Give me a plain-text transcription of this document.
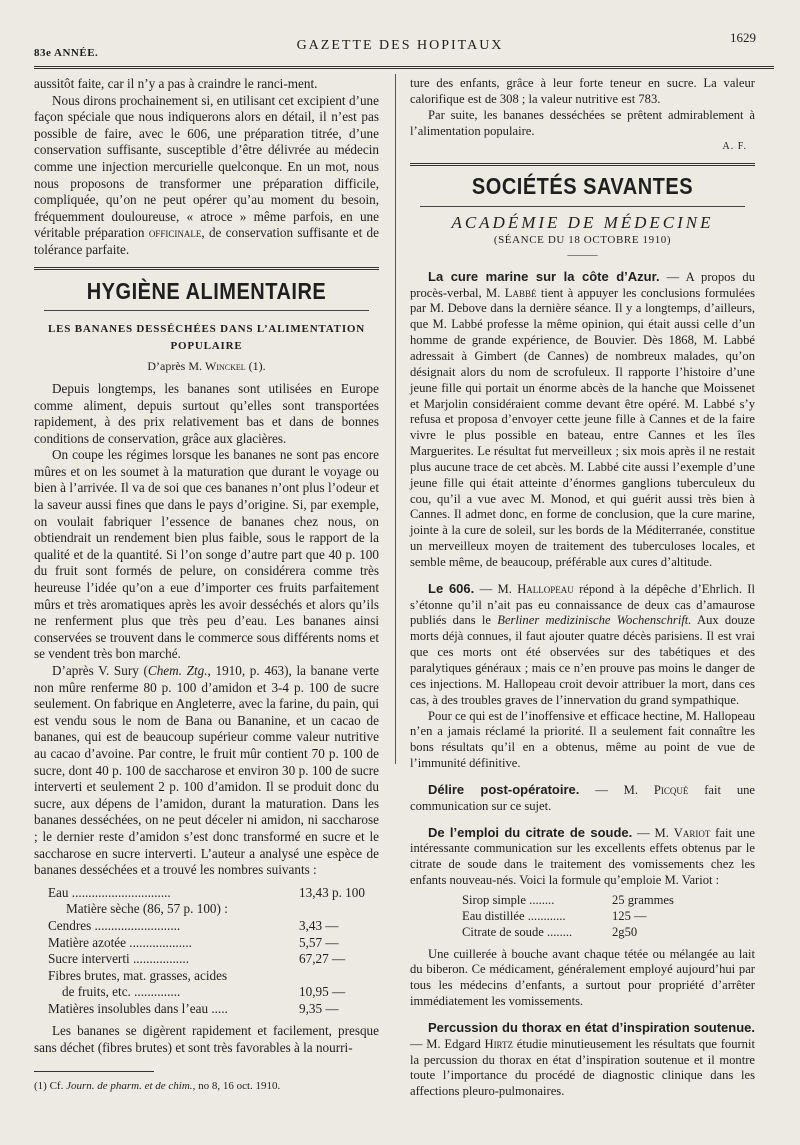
83e ANNÉE.	GAZETTE DES HOPITAUX
1629

aussitôt faite, car il n’y a pas à craindre le ranci-ment.

Nous dirons prochainement si, en utilisant cet excipient d’une façon spéciale que nous indiquerons alors en détail, il n’est pas possible de faire, avec le 606, une préparation titrée, d’une conservation suffisante, susceptible d’être délivrée au médecin comme une injection mercurielle quelconque. En un mot, nous nous proposons de transformer une préparation difficile, compliquée, qu’on ne peut opérer qu’au moment du besoin, fréquemment douloureuse, « atroce » même parfois, en une véritable préparation officinale, de conservation suffisante et de tolérance parfaite.

HYGIÈNE ALIMENTAIRE
LES BANANES DESSÉCHÉES DANS L’ALIMENTATION POPULAIRE
D’après M. Winckel (1).

Depuis longtemps, les bananes sont utilisées en Europe comme aliment, depuis surtout qu’elles sont transportées rapidement, à des prix relativement bas et dans de bonnes conditions de conservation, grâce aux glacières.

On coupe les régimes lorsque les bananes ne sont pas encore mûres et on les soumet à la maturation que durant le voyage ou bien à l’arrivée. Il va de soi que ces bananes n’ont plus l’odeur et la saveur aussi fines que dans le pays d’origine. Si, par exemple, on voulait fabriquer l’essence de bananes chez nous, on obtiendrait un rendement bien plus faible, sous le rapport de la qualité et de la quantité. Si l’on songe d’autre part que 40 p. 100 du fruit sont formés de pelure, on considérera comme très heureuse l’idée qu’on a eue d’importer ces fruits parfaitement mûrs et très aromatiques après les avoir desséchés et alors qu’ils ne renferment plus que très peu d’eau. Les bananes ainsi conservées se trouvent dans le commerce sous différents noms et se vendent très bon marché.

D’après V. Sury (Chem. Ztg., 1910, p. 463), la banane verte non mûre renferme 80 p. 100 d’amidon et 3-4 p. 100 de sucre seulement. On fabrique en Angleterre, avec la farine, du pain, qui est vendu sous le nom de Bana ou Bananine, et un cacao de bananes, qui est de beaucoup supérieur comme valeur nutritive au cacao d’avoine. Par contre, le fruit mûr contient 70 p. 100 de sucre, dont 40 p. 100 de saccharose et environ 30 p. 100 de sucre interverti et seulement 2 p. 100 d’amidon. Il se produit donc du sucre, aux dépens de l’amidon, durant la maturation. Dans les bananes desséchées, on ne peut déceler ni amidon, ni saccharose ; le dernier reste d’amidon s’est donc transformé en sucre et le saccharose en sucre interverti. L’auteur a analysé une espèce de bananes desséchées et a trouvé les nombres suivants :

Eau ..............................	13,43 p. 100
Matière sèche (86, 57 p. 100) :
Cendres ..........................	3,43 —
Matière azotée ...................	5,57 —
Sucre interverti .................	67,27 —
Fibres brutes, mat. grasses, acides
de fruits, etc. ..............	10,95 —
Matières insolubles dans l’eau .....	9,35 —

Les bananes se digèrent rapidement et facilement, presque sans déchet (fibres brutes) et sont très favorables à la nourri-

(1) Cf. Journ. de pharm. et de chim., no 8, 16 oct. 1910.

ture des enfants, grâce à leur forte teneur en sucre. La valeur calorifique est de 308 ; la valeur nutritive est 783.

Par suite, les bananes desséchées se prêtent admirablement à l’alimentation populaire.

A. F.
SOCIÉTÉS SAVANTES
ACADÉMIE DE MÉDECINE
(SÉANCE DU 18 OCTOBRE 1910)
———

La cure marine sur la côte d’Azur. — A propos du procès-verbal, M. Labbé tient à appuyer les conclusions formulées par M. Debove dans la dernière séance. Il y a longtemps, d’ailleurs, que M. Labbé professe la même opinion, qui était aussi celle d’un homme de grande expérience, de Bouvier. Dès 1868, M. Labbé adressait à Gimbert (de Cannes) de nombreux malades, qu’on désignait alors du nom de scrofuleux. Il rapporte l’histoire d’une jeune fille qui portait un énorme abcès de la hanche que Moissenet et Marjolin considéraient comme devant être opéré. M. Labbé s’y refusa et proposa d’envoyer cette jeune fille à Cannes et de la faire vivre le plus possible en bateau, entre Cannes et les îles Marguerites. Le résultat fut merveilleux ; six mois après il ne restait plus aucune trace de cet abcès. M. Labbé cite aussi l’exemple d’une jeune fille qui était atteinte d’énormes ganglions tuberculeux du cou, qu’il a vue avec M. Monod, et qui guérit aussi très bien à Cannes. Il admet donc, en forme de conclusion, que la cure marine, jointe à la cure de soleil, sur les bords de la Méditerranée, constitue un merveilleux moyen de traitement des tuberculoses locales, et semble même, de beaucoup, préférable aux cures d’altitude.

Le 606. — M. Hallopeau répond à la dépêche d’Ehrlich. Il s’étonne qu’il n’ait pas eu connaissance de deux cas d’amaurose publiés dans le Berliner medizinische Wochenschrift. Aux douze morts déjà connues, il faut ajouter quatre décès parisiens. Il est vrai que ces morts ont été observées sur des tabétiques et des paralytiques généraux ; mais ce n’en prouve pas moins le danger de ces injections. M. Hallopeau croit devoir attribuer la mort, dans ces cas, à des troubles graves de l’innervation du grand sympathique.

Pour ce qui est de l’inoffensive et efficace hectine, M. Hallopeau n’en a jamais réclamé la priorité. Il a seulement fait connaître les bons résultats qu’il en a obtenus, même au point de vue de l’immunité définitive.

Délire post-opératoire. — M. Picqué fait une communication sur ce sujet.

De l’emploi du citrate de soude. — M. Variot fait une intéressante communication sur les excellents effets obtenus par le citrate de soude dans le traitement des vomissements chez les enfants nouveau-nés. Voici la formule qu’emploie M. Variot :

Sirop simple ........	25 grammes
Eau distillée ............	125 —
Citrate de soude ........	2g50

Une cuillerée à bouche avant chaque tétée ou mélangée au lait du biberon. Ce médicament, généralement employé aujourd’hui par tous les médecins d’enfants, a surtout pour propriété d’arrêter immédiatement les vomissements.

Percussion du thorax en état d’inspiration soutenue. — M. Edgard Hirtz étudie minutieusement les résultats que fournit la percussion du thorax en état d’inspiration soutenue et il montre toute l’importance du procédé de diagnostic clinique dans les affections pleuro-pulmonaires.
